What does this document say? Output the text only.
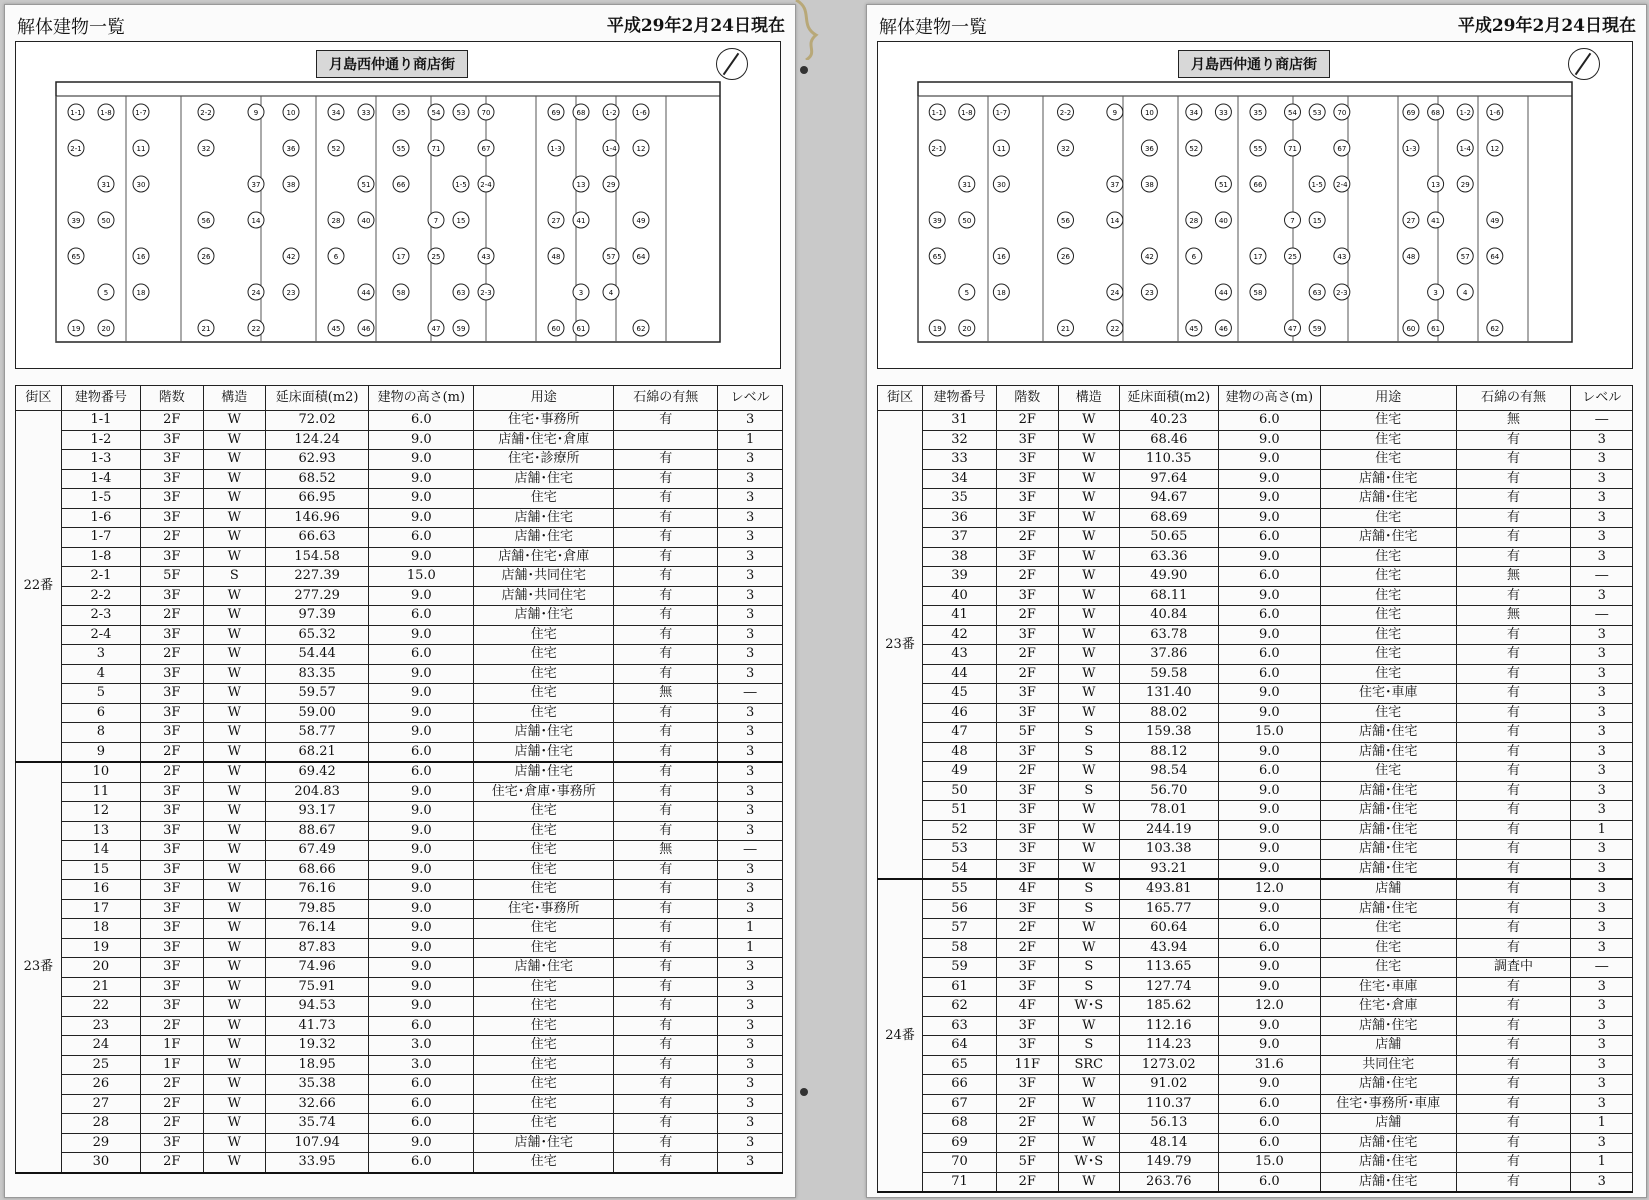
解体建物一覧	平成29年2月24日現在
月島西仲通り商店街
1-1	1-8	1-7	2-2	9	10	34	33	35	54 53 70	69 68	1-2	1-6
2-1	11	32	36	52	55	71	67	1-3	1-4	12
31	30	37	38	51	66	1-5 2-4	13	29
39	50	56	14	28	40	7	15	27 41	49
65	16	26	42	6	17	25	43	48	57	64
5	18	24	23	44	58	63 2-3	3	4
19	20	21	22	45	46	47 59	60 61	62
街区	建物番号	階数	構造	延床面積(m2)	建物の高さ(m)	用途	石綿の有無	レベル
22番	1-1	2F	W	72.02	6.0	住宅･事務所	有	3
	1-2	3F	W	124.24	9.0	店舗･住宅･倉庫		1
	1-3	3F	W	62.93	9.0	住宅･診療所	有	3
	1-4	3F	W	68.52	9.0	店舗･住宅	有	3
	1-5	3F	W	66.95	9.0	住宅	有	3
	1-6	3F	W	146.96	9.0	店舗･住宅	有	3
	1-7	2F	W	66.63	6.0	店舗･住宅	有	3
	1-8	3F	W	154.58	9.0	店舗･住宅･倉庫	有	3
	2-1	5F	S	227.39	15.0	店舗･共同住宅	有	3
	2-2	3F	W	277.29	9.0	店舗･共同住宅	有	3
	2-3	2F	W	97.39	6.0	店舗･住宅	有	3
	2-4	3F	W	65.32	9.0	住宅	有	3
	3	2F	W	54.44	6.0	住宅	有	3
	4	3F	W	83.35	9.0	住宅	有	3
	5	3F	W	59.57	9.0	住宅	無	―
	6	3F	W	59.00	9.0	住宅	有	3
	8	3F	W	58.77	9.0	店舗･住宅	有	3
	9	2F	W	68.21	6.0	店舗･住宅	有	3
23番	10	2F	W	69.42	6.0	店舗･住宅	有	3
	11	3F	W	204.83	9.0	住宅･倉庫･事務所	有	3
	12	3F	W	93.17	9.0	住宅	有	3
	13	3F	W	88.67	9.0	住宅	有	3
	14	3F	W	67.49	9.0	住宅	無	―
	15	3F	W	68.66	9.0	住宅	有	3
	16	3F	W	76.16	9.0	住宅	有	3
	17	3F	W	79.85	9.0	住宅･事務所	有	3
	18	3F	W	76.14	9.0	住宅	有	1
	19	3F	W	87.83	9.0	住宅	有	1
	20	3F	W	74.96	9.0	店舗･住宅	有	3
	21	3F	W	75.91	9.0	住宅	有	3
	22	3F	W	94.53	9.0	住宅	有	3
	23	2F	W	41.73	6.0	住宅	有	3
	24	1F	W	19.32	3.0	住宅	有	3
	25	1F	W	18.95	3.0	住宅	有	3
	26	2F	W	35.38	6.0	住宅	有	3
	27	2F	W	32.66	6.0	住宅	有	3
	28	2F	W	35.74	6.0	住宅	有	3
	29	3F	W	107.94	9.0	店舗･住宅	有	3
	30	2F	W	33.95	6.0	住宅	有	3
解体建物一覧	平成29年2月24日現在
月島西仲通り商店街
1-1	1-8	1-7	2-2	9	10	34	33	35	54 53 70	69 68	1-2	1-6
2-1	11	32	36	52	55	71	67	1-3	1-4	12
31	30	37	38	51	66	1-5 2-4	13	29
39	50	56	14	28	40	7	15	27 41	49
65	16	26	42	6	17	25	43	48	57	64
5	18	24	23	44	58	63 2-3	3	4
19	20	21	22	45	46	47 59	60 61	62
街区	建物番号	階数	構造	延床面積(m2)	建物の高さ(m)	用途	石綿の有無	レベル
23番	31	2F	W	40.23	6.0	住宅	無	―
	32	3F	W	68.46	9.0	住宅	有	3
	33	3F	W	110.35	9.0	住宅	有	3
	34	3F	W	97.64	9.0	店舗･住宅	有	3
	35	3F	W	94.67	9.0	店舗･住宅	有	3
	36	3F	W	68.69	9.0	住宅	有	3
	37	2F	W	50.65	6.0	店舗･住宅	有	3
	38	3F	W	63.36	9.0	住宅	有	3
	39	2F	W	49.90	6.0	住宅	無	―
	40	3F	W	68.11	9.0	住宅	有	3
	41	2F	W	40.84	6.0	住宅	無	―
	42	3F	W	63.78	9.0	住宅	有	3
	43	2F	W	37.86	6.0	住宅	有	3
	44	2F	W	59.58	6.0	住宅	有	3
	45	3F	W	131.40	9.0	住宅･車庫	有	3
	46	3F	W	88.02	9.0	住宅	有	3
	47	5F	S	159.38	15.0	店舗･住宅	有	3
	48	3F	S	88.12	9.0	店舗･住宅	有	3
	49	2F	W	98.54	6.0	住宅	有	3
	50	3F	S	56.70	9.0	店舗･住宅	有	3
	51	3F	W	78.01	9.0	店舗･住宅	有	3
	52	3F	W	244.19	9.0	店舗･住宅	有	1
	53	3F	W	103.38	9.0	店舗･住宅	有	3
	54	3F	W	93.21	9.0	店舗･住宅	有	3
24番	55	4F	S	493.81	12.0	店舗	有	3
	56	3F	S	165.77	9.0	店舗･住宅	有	3
	57	2F	W	60.64	6.0	住宅	有	3
	58	2F	W	43.94	6.0	住宅	有	3
	59	3F	S	113.65	9.0	住宅	調査中	―
	61	3F	S	127.74	9.0	住宅･車庫	有	3
	62	4F	W･S	185.62	12.0	住宅･倉庫	有	3
	63	3F	W	112.16	9.0	店舗･住宅	有	3
	64	3F	S	114.23	9.0	店舗	有	3
	65	11F	SRC	1273.02	31.6	共同住宅	有	3
	66	3F	W	91.02	9.0	店舗･住宅	有	3
	67	2F	W	110.37	6.0	住宅･事務所･車庫	有	3
	68	2F	W	56.13	6.0	店舗	有	1
	69	2F	W	48.14	6.0	店舗･住宅	有	3
	70	5F	W･S	149.79	15.0	店舗･住宅	有	1
	71	2F	W	263.76	6.0	店舗･住宅	有	3
